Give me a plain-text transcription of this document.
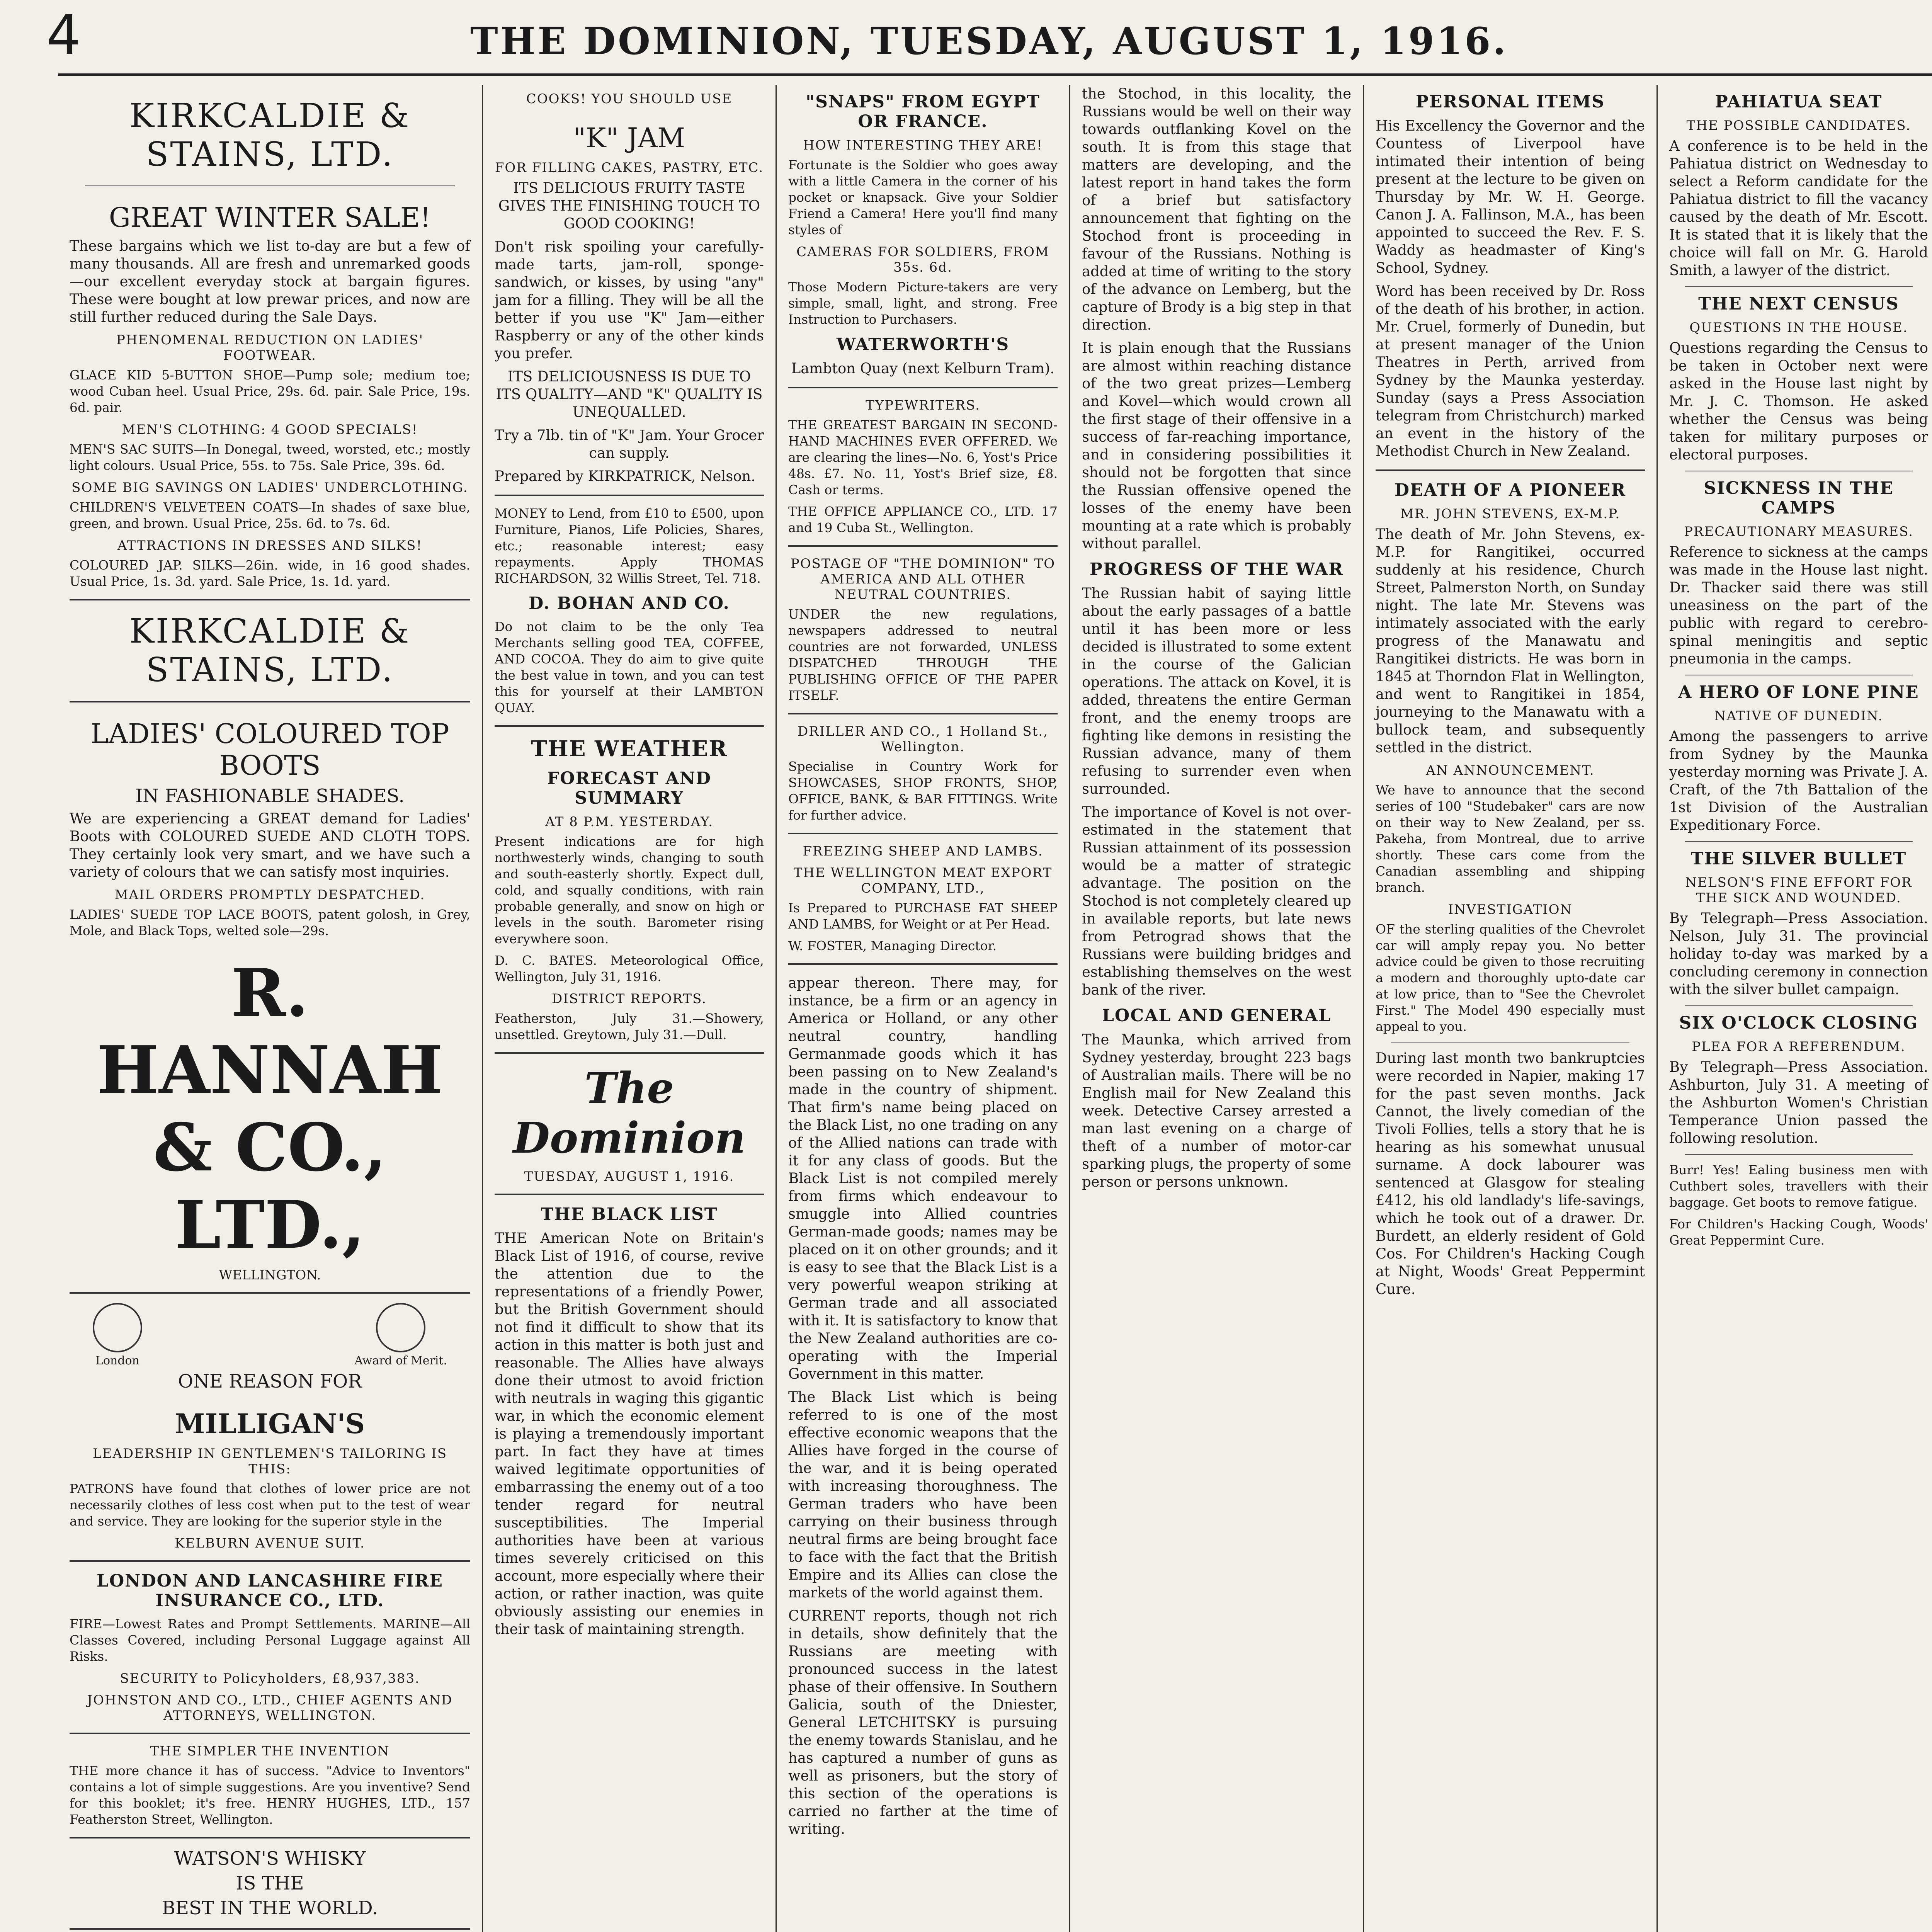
4	THE DOMINION, TUESDAY, AUGUST 1, 1916.
KIRKCALDIE & STAINS, LTD.
GREAT WINTER SALE!

These bargains which we list to-day are but a few of many thousands. All are fresh and unremarked goods—our excellent everyday stock at bargain figures. These were bought at low prewar prices, and now are still further reduced during the Sale Days.

PHENOMENAL REDUCTION ON LADIES' FOOTWEAR.

GLACE KID 5-BUTTON SHOE—Pump sole; medium toe; wood Cuban heel. Usual Price, 29s. 6d. pair. Sale Price, 19s. 6d. pair.

MEN'S CLOTHING: 4 GOOD SPECIALS!

MEN'S SAC SUITS—In Donegal, tweed, worsted, etc.; mostly light colours. Usual Price, 55s. to 75s. Sale Price, 39s. 6d.

SOME BIG SAVINGS ON LADIES' UNDERCLOTHING.

CHILDREN'S VELVETEEN COATS—In shades of saxe blue, green, and brown. Usual Price, 25s. 6d. to 7s. 6d.

ATTRACTIONS IN DRESSES AND SILKS!

COLOURED JAP. SILKS—26in. wide, in 16 good shades. Usual Price, 1s. 3d. yard. Sale Price, 1s. 1d. yard.

KIRKCALDIE & STAINS, LTD.
LADIES' COLOURED TOP BOOTS
IN FASHIONABLE SHADES.

We are experiencing a GREAT demand for Ladies' Boots with COLOURED SUEDE AND CLOTH TOPS. They certainly look very smart, and we have such a variety of colours that we can satisfy most inquiries.

MAIL ORDERS PROMPTLY DESPATCHED.

LADIES' SUEDE TOP LACE BOOTS, patent golosh, in Grey, Mole, and Black Tops, welted sole—29s.

R. HANNAH & CO., LTD.,
WELLINGTON.

London	Award of Merit.
ONE REASON FOR
MILLIGAN'S
LEADERSHIP IN GENTLEMEN'S TAILORING IS THIS:

PATRONS have found that clothes of lower price are not necessarily clothes of less cost when put to the test of wear and service. They are looking for the superior style in the

KELBURN AVENUE SUIT.
LONDON AND LANCASHIRE FIRE INSURANCE CO., LTD.

FIRE—Lowest Rates and Prompt Settlements. MARINE—All Classes Covered, including Personal Luggage against All Risks.

SECURITY to Policyholders, £8,937,383.
JOHNSTON AND CO., LTD., CHIEF AGENTS AND ATTORNEYS, WELLINGTON.
THE SIMPLER THE INVENTION

THE more chance it has of success. "Advice to Inventors" contains a lot of simple suggestions. Are you inventive? Send for this booklet; it's free. HENRY HUGHES, LTD., 157 Featherston Street, Wellington.

WATSON'S WHISKY
IS THE
BEST IN THE WORLD.

COOKS! YOU SHOULD USE
"K" JAM
FOR FILLING CAKES, PASTRY, ETC.

ITS DELICIOUS FRUITY TASTE GIVES THE FINISHING TOUCH TO GOOD COOKING!

Don't risk spoiling your carefully-made tarts, jam-roll, sponge-sandwich, or kisses, by using "any" jam for a filling. They will be all the better if you use "K" Jam—either Raspberry or any of the other kinds you prefer.

ITS DELICIOUSNESS IS DUE TO ITS QUALITY—AND "K" QUALITY IS UNEQUALLED.

Try a 7lb. tin of "K" Jam. Your Grocer can supply.

Prepared by KIRKPATRICK, Nelson.

MONEY to Lend, from £10 to £500, upon Furniture, Pianos, Life Policies, Shares, etc.; reasonable interest; easy repayments. Apply THOMAS RICHARDSON, 32 Willis Street, Tel. 718.

D. BOHAN AND CO.

Do not claim to be the only Tea Merchants selling good TEA, COFFEE, AND COCOA. They do aim to give quite the best value in town, and you can test this for yourself at their LAMBTON QUAY.

THE WEATHER
FORECAST AND SUMMARY
AT 8 P.M. YESTERDAY.

Present indications are for high northwesterly winds, changing to south and south-easterly shortly. Expect dull, cold, and squally conditions, with rain probable generally, and snow on high or levels in the south. Barometer rising everywhere soon.

D. C. BATES. Meteorological Office, Wellington, July 31, 1916.

DISTRICT REPORTS.

Featherston, July 31.—Showery, unsettled. Greytown, July 31.—Dull.

The Dominion
TUESDAY, AUGUST 1, 1916.
THE BLACK LIST

THE American Note on Britain's Black List of 1916, of course, revive the attention due to the representations of a friendly Power, but the British Government should not find it difficult to show that its action in this matter is both just and reasonable. The Allies have always done their utmost to avoid friction with neutrals in waging this gigantic war, in which the economic element is playing a tremendously important part. In fact they have at times waived legitimate opportunities of embarrassing the enemy out of a too tender regard for neutral susceptibilities. The Imperial authorities have been at various times severely criticised on this account, more especially where their action, or rather inaction, was quite obviously assisting our enemies in their task of maintaining strength.

"SNAPS" FROM EGYPT OR FRANCE.
HOW INTERESTING THEY ARE!

Fortunate is the Soldier who goes away with a little Camera in the corner of his pocket or knapsack. Give your Soldier Friend a Camera! Here you'll find many styles of

CAMERAS FOR SOLDIERS, FROM 35s. 6d.

Those Modern Picture-takers are very simple, small, light, and strong. Free Instruction to Purchasers.

WATERWORTH'S

Lambton Quay (next Kelburn Tram).

TYPEWRITERS.

THE GREATEST BARGAIN IN SECOND-HAND MACHINES EVER OFFERED. We are clearing the lines—No. 6, Yost's Price 48s. £7. No. 11, Yost's Brief size, £8. Cash or terms.

THE OFFICE APPLIANCE CO., LTD. 17 and 19 Cuba St., Wellington.

POSTAGE OF "THE DOMINION" TO AMERICA AND ALL OTHER NEUTRAL COUNTRIES.

UNDER the new regulations, newspapers addressed to neutral countries are not forwarded, UNLESS DISPATCHED THROUGH THE PUBLISHING OFFICE OF THE PAPER ITSELF.

DRILLER AND CO., 1 Holland St., Wellington.

Specialise in Country Work for SHOWCASES, SHOP FRONTS, SHOP, OFFICE, BANK, & BAR FITTINGS. Write for further advice.

FREEZING SHEEP AND LAMBS.
THE WELLINGTON MEAT EXPORT COMPANY, LTD.,

Is Prepared to PURCHASE FAT SHEEP AND LAMBS, for Weight or at Per Head.

W. FOSTER, Managing Director.

appear thereon. There may, for instance, be a firm or an agency in America or Holland, or any other neutral country, handling Germanmade goods which it has been passing on to New Zealand's made in the country of shipment. That firm's name being placed on the Black List, no one trading on any of the Allied nations can trade with it for any class of goods. But the Black List is not compiled merely from firms which endeavour to smuggle into Allied countries German-made goods; names may be placed on it on other grounds; and it is easy to see that the Black List is a very powerful weapon striking at German trade and all associated with it. It is satisfactory to know that the New Zealand authorities are co-operating with the Imperial Government in this matter.

The Black List which is being referred to is one of the most effective economic weapons that the Allies have forged in the course of the war, and it is being operated with increasing thoroughness. The German traders who have been carrying on their business through neutral firms are being brought face to face with the fact that the British Empire and its Allies can close the markets of the world against them.

CURRENT reports, though not rich in details, show definitely that the Russians are meeting with pronounced success in the latest phase of their offensive. In Southern Galicia, south of the Dniester, General LETCHITSKY is pursuing the enemy towards Stanislau, and he has captured a number of guns as well as prisoners, but the story of this section of the operations is carried no farther at the time of writing.

the Stochod, in this locality, the Russians would be well on their way towards outflanking Kovel on the south. It is from this stage that matters are developing, and the latest report in hand takes the form of a brief but satisfactory announcement that fighting on the Stochod front is proceeding in favour of the Russians. Nothing is added at time of writing to the story of the advance on Lemberg, but the capture of Brody is a big step in that direction.

It is plain enough that the Russians are almost within reaching distance of the two great prizes—Lemberg and Kovel—which would crown all the first stage of their offensive in a success of far-reaching importance, and in considering possibilities it should not be forgotten that since the Russian offensive opened the losses of the enemy have been mounting at a rate which is probably without parallel.

PROGRESS OF THE WAR

The Russian habit of saying little about the early passages of a battle until it has been more or less decided is illustrated to some extent in the course of the Galician operations. The attack on Kovel, it is added, threatens the entire German front, and the enemy troops are fighting like demons in resisting the Russian advance, many of them refusing to surrender even when surrounded.

The importance of Kovel is not over-estimated in the statement that Russian attainment of its possession would be a matter of strategic advantage. The position on the Stochod is not completely cleared up in available reports, but late news from Petrograd shows that the Russians were building bridges and establishing themselves on the west bank of the river.

LOCAL AND GENERAL

The Maunka, which arrived from Sydney yesterday, brought 223 bags of Australian mails. There will be no English mail for New Zealand this week. Detective Carsey arrested a man last evening on a charge of theft of a number of motor-car sparking plugs, the property of some person or persons unknown.

PERSONAL ITEMS

His Excellency the Governor and the Countess of Liverpool have intimated their intention of being present at the lecture to be given on Thursday by Mr. W. H. George. Canon J. A. Fallinson, M.A., has been appointed to succeed the Rev. F. S. Waddy as headmaster of King's School, Sydney.

Word has been received by Dr. Ross of the death of his brother, in action. Mr. Cruel, formerly of Dunedin, but at present manager of the Union Theatres in Perth, arrived from Sydney by the Maunka yesterday. Sunday (says a Press Association telegram from Christchurch) marked an event in the history of the Methodist Church in New Zealand.

DEATH OF A PIONEER
MR. JOHN STEVENS, EX-M.P.

The death of Mr. John Stevens, ex-M.P. for Rangitikei, occurred suddenly at his residence, Church Street, Palmerston North, on Sunday night. The late Mr. Stevens was intimately associated with the early progress of the Manawatu and Rangitikei districts. He was born in 1845 at Thorndon Flat in Wellington, and went to Rangitikei in 1854, journeying to the Manawatu with a bullock team, and subsequently settled in the district.

AN ANNOUNCEMENT.

We have to announce that the second series of 100 "Studebaker" cars are now on their way to New Zealand, per ss. Pakeha, from Montreal, due to arrive shortly. These cars come from the Canadian assembling and shipping branch.

INVESTIGATION

OF the sterling qualities of the Chevrolet car will amply repay you. No better advice could be given to those recruiting a modern and thoroughly upto-date car at low price, than to "See the Chevrolet First." The Model 490 especially must appeal to you.

During last month two bankruptcies were recorded in Napier, making 17 for the past seven months. Jack Cannot, the lively comedian of the Tivoli Follies, tells a story that he is hearing as his somewhat unusual surname. A dock labourer was sentenced at Glasgow for stealing £412, his old landlady's life-savings, which he took out of a drawer. Dr. Burdett, an elderly resident of Gold Cos. For Children's Hacking Cough at Night, Woods' Great Peppermint Cure.

PAHIATUA SEAT
THE POSSIBLE CANDIDATES.

A conference is to be held in the Pahiatua district on Wednesday to select a Reform candidate for the Pahiatua district to fill the vacancy caused by the death of Mr. Escott. It is stated that it is likely that the choice will fall on Mr. G. Harold Smith, a lawyer of the district.

THE NEXT CENSUS
QUESTIONS IN THE HOUSE.

Questions regarding the Census to be taken in October next were asked in the House last night by Mr. J. C. Thomson. He asked whether the Census was being taken for military purposes or electoral purposes.

SICKNESS IN THE CAMPS
PRECAUTIONARY MEASURES.

Reference to sickness at the camps was made in the House last night. Dr. Thacker said there was still uneasiness on the part of the public with regard to cerebro-spinal meningitis and septic pneumonia in the camps.

A HERO OF LONE PINE
NATIVE OF DUNEDIN.

Among the passengers to arrive from Sydney by the Maunka yesterday morning was Private J. A. Craft, of the 7th Battalion of the 1st Division of the Australian Expeditionary Force.

THE SILVER BULLET
NELSON'S FINE EFFORT FOR THE SICK AND WOUNDED.

By Telegraph—Press Association. Nelson, July 31. The provincial holiday to-day was marked by a concluding ceremony in connection with the silver bullet campaign.

SIX O'CLOCK CLOSING
PLEA FOR A REFERENDUM.

By Telegraph—Press Association. Ashburton, July 31. A meeting of the Ashburton Women's Christian Temperance Union passed the following resolution.

Burr! Yes! Ealing business men with Cuthbert soles, travellers with their baggage. Get boots to remove fatigue.

For Children's Hacking Cough, Woods' Great Peppermint Cure.
